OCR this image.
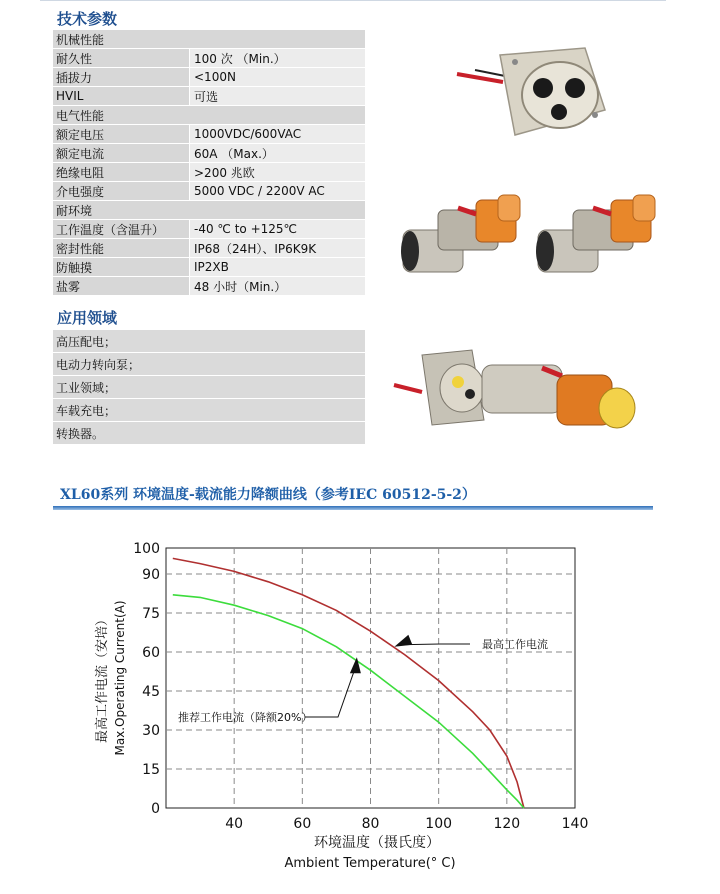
技术参数
机械性能	
耐久性	100 次 （Min.）
插拔力	<100N
HVIL	可选
电气性能	
额定电压	1000VDC/600VAC
额定电流	60A （Max.）
绝缘电阻	>200 兆欧
介电强度	5000 VDC / 2200V AC
耐环境	
工作温度（含温升）	-40 ℃ to +125℃
密封性能	IP68（24H）、IP6K9K
防触摸	IP2XB
盐雾	48 小时（Min.）
应用领域
高压配电；
电动力转向泵；
工业领域；
车载充电；
转换器。
XL60系列 环境温度-载流能力降额曲线（参考IEC 60512-5-2）
0
15
30
45
60
75
90
100
40	60	80	100	120	140
最高工作电流
推荐工作电流（降额20%）
环境温度（摄氏度）
Ambient Temperature(° C)
最高工作电流（安培） Max.Operating Current(A)
